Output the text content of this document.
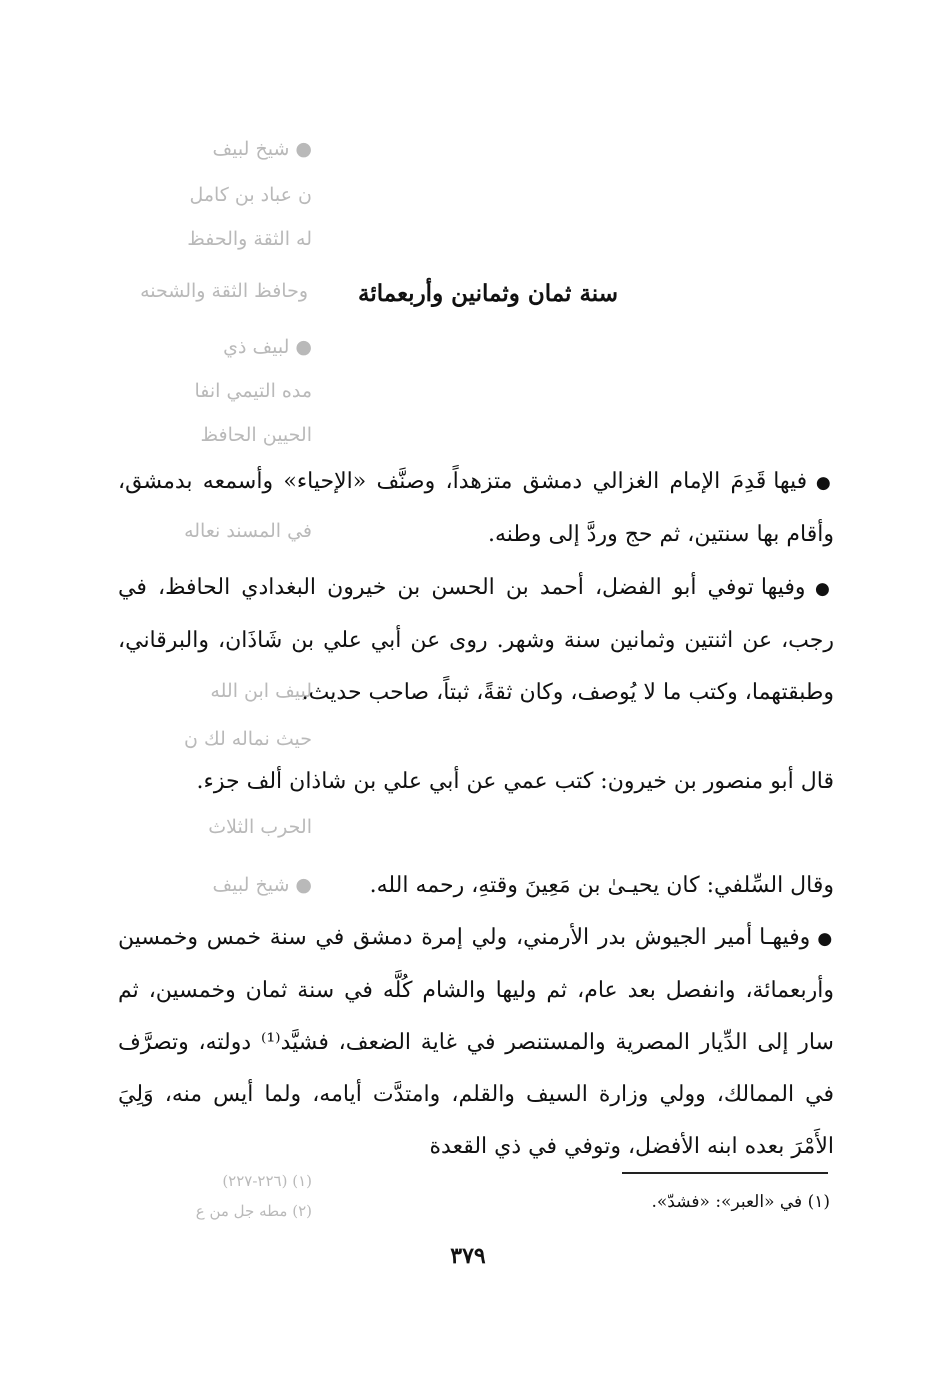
● شيخ لبيف
ن عباد بن كامل
له الثقة والحفظ
وحافظ الثقة والشحنه
● لبيف ذي
مده التيمي انفا
الحيين الحافظ
في المسند نعاله
لبيف ابن الله
حيث نماله لك ن
الحرب الثلاث
● شيخ لبيف
(١) (٢٢٦-٢٢٧)
(٢) مطه جل من ع
سنة ثمان وثمانين وأربعمائة

● فيها قَدِمَ الإمام الغزالي دمشق متزهداً، وصنَّف «الإحياء» وأسمعه بدمشق، وأقام بها سنتين، ثم حج وردَّ إلى وطنه.

● وفيها توفي أبو الفضل، أحمد بن الحسن بن خيرون البغدادي الحافظ، في رجب، عن اثنتين وثمانين سنة وشهر. روى عن أبي علي بن شَاذَان، والبرقاني، وطبقتهما، وكتب ما لا يُوصف، وكان ثقةً، ثبتاً، صاحب حديث.

قال أبو منصور بن خيرون: كتب عمي عن أبي علي بن شاذان ألف جزء.

وقال السِّلفي: كان يحيـىٰ بن مَعِينَ وقتهِ، رحمه الله.

● وفيهـا أمير الجيوش بدر الأرمني، ولي إمرة دمشق في سنة خمس وخمسين وأربعمائة، وانفصل بعد عام، ثم وليها والشام كُلَّه في سنة ثمان وخمسين، ثم سار إلى الدِّيار المصرية والمستنصر في غاية الضعف، فشيَّد⁽¹⁾ دولته، وتصرَّف في الممالك، وولي وزارة السيف والقلم، وامتدَّت أيامه، ولما أيس منه، وَلِيَ الأَمْرَ بعده ابنه الأفضل، وتوفي في ذي القعدة

(١) في «العبر»: «فشدّ».
٣٧٩
